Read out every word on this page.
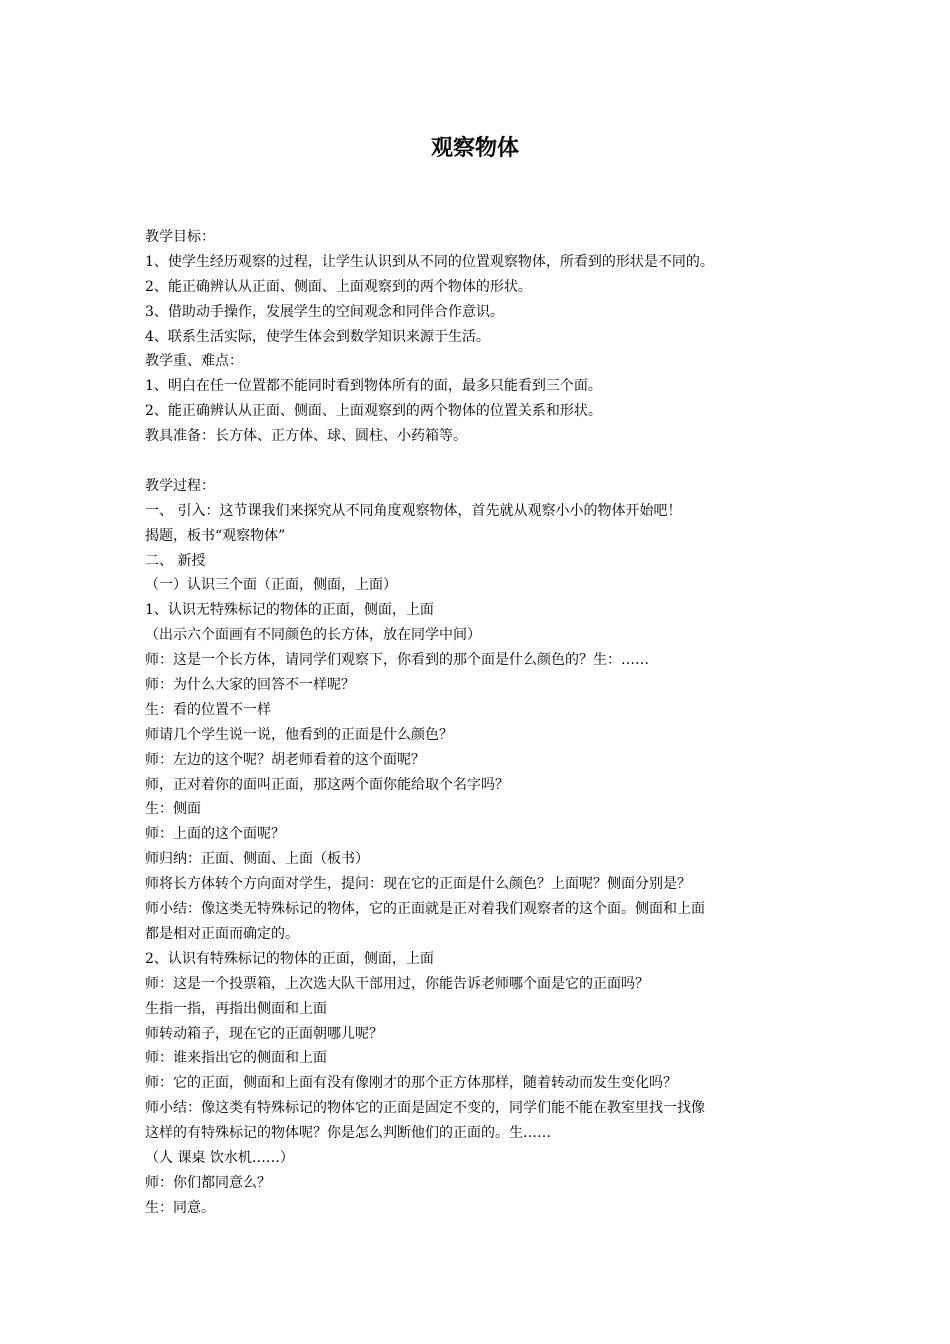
观察物体
教学目标：
1、使学生经历观察的过程，让学生认识到从不同的位置观察物体，所看到的形状是不同的。
2、能正确辨认从正面、侧面、上面观察到的两个物体的形状。
3、借助动手操作，发展学生的空间观念和同伴合作意识。
4、联系生活实际，使学生体会到数学知识来源于生活。
教学重、难点：
1、明白在任一位置都不能同时看到物体所有的面，最多只能看到三个面。
2、能正确辨认从正面、侧面、上面观察到的两个物体的位置关系和形状。
教具准备：长方体、正方体、球、圆柱、小药箱等。
教学过程：
一、 引入：这节课我们来探究从不同角度观察物体，首先就从观察小小的物体开始吧！
揭题，板书“观察物体”
二、 新授
（一）认识三个面（正面，侧面，上面）
1、认识无特殊标记的物体的正面，侧面，上面
（出示六个面画有不同颜色的长方体，放在同学中间）
师：这是一个长方体，请同学们观察下，你看到的那个面是什么颜色的？生：……
师：为什么大家的回答不一样呢？
生：看的位置不一样
师请几个学生说一说，他看到的正面是什么颜色？
师：左边的这个呢？胡老师看着的这个面呢？
师，正对着你的面叫正面，那这两个面你能给取个名字吗？
生：侧面
师：上面的这个面呢？
师归纳：正面、侧面、上面（板书）
师将长方体转个方向面对学生，提问：现在它的正面是什么颜色？上面呢？侧面分别是？
师小结：像这类无特殊标记的物体，它的正面就是正对着我们观察者的这个面。侧面和上面
都是相对正面而确定的。
2、认识有特殊标记的物体的正面，侧面，上面
师：这是一个投票箱，上次选大队干部用过，你能告诉老师哪个面是它的正面吗？
生指一指，再指出侧面和上面
师转动箱子，现在它的正面朝哪儿呢？
师：谁来指出它的侧面和上面
师：它的正面，侧面和上面有没有像刚才的那个正方体那样，随着转动而发生变化吗？
师小结：像这类有特殊标记的物体它的正面是固定不变的，同学们能不能在教室里找一找像
这样的有特殊标记的物体呢？你是怎么判断他们的正面的。生……
（人 课桌 饮水机……）
师：你们都同意么？
生：同意。
